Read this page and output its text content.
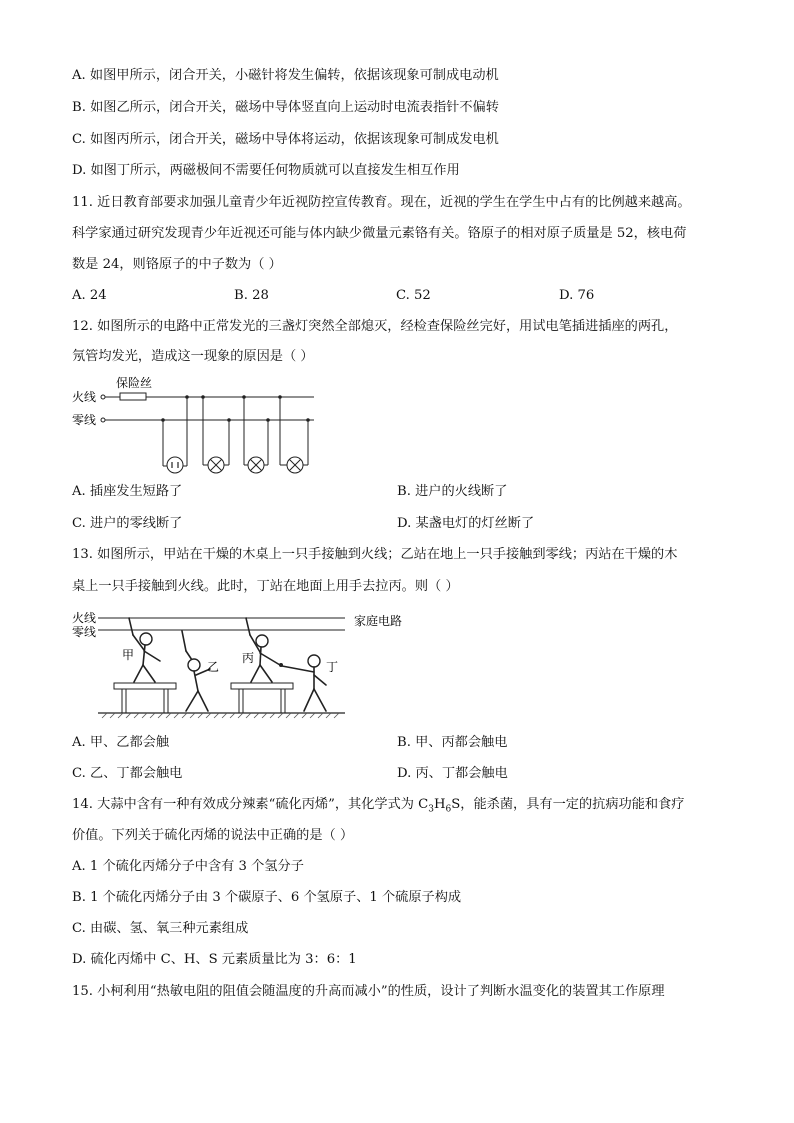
A. 如图甲所示，闭合开关，小磁针将发生偏转，依据该现象可制成电动机
B. 如图乙所示，闭合开关，磁场中导体竖直向上运动时电流表指针不偏转
C. 如图丙所示，闭合开关，磁场中导体将运动，依据该现象可制成发电机
D. 如图丁所示，两磁极间不需要任何物质就可以直接发生相互作用
11. 近日教育部要求加强儿童青少年近视防控宣传教育。现在，近视的学生在学生中占有的比例越来越高。
科学家通过研究发现青少年近视还可能与体内缺少微量元素铬有关。铬原子的相对原子质量是 52，核电荷
数是 24，则铬原子的中子数为（ ）
A. 24	B. 28	C. 52	D. 76
12. 如图所示的电路中正常发光的三盏灯突然全部熄灭，经检查保险丝完好，用试电笔插进插座的两孔，
氖管均发光，造成这一现象的原因是（ ）
保险丝
火线
零线
A. 插座发生短路了	B. 进户的火线断了
C. 进户的零线断了	D. 某盏电灯的灯丝断了
13. 如图所示，甲站在干燥的木桌上一只手接触到火线；乙站在地上一只手接触到零线；丙站在干燥的木
桌上一只手接触到火线。此时，丁站在地面上用手去拉丙。则（ ）
火线
零线
家庭电路
甲
乙
丙
丁
A. 甲、乙都会触	B. 甲、丙都会触电
C. 乙、丁都会触电	D. 丙、丁都会触电
14. 大蒜中含有一种有效成分辣素“硫化丙烯”，其化学式为 $C_3H_6S$，能杀菌，具有一定的抗病功能和食疗
价值。下列关于硫化丙烯的说法中正确的是（ ）
A. 1 个硫化丙烯分子中含有 3 个氢分子
B. 1 个硫化丙烯分子由 3 个碳原子、6 个氢原子、1 个硫原子构成
C. 由碳、氢、氧三种元素组成
D. 硫化丙烯中 C、H、S 元素质量比为 3：6：1
15. 小柯利用“热敏电阻的阻值会随温度的升高而减小”的性质，设计了判断水温变化的装置其工作原理
